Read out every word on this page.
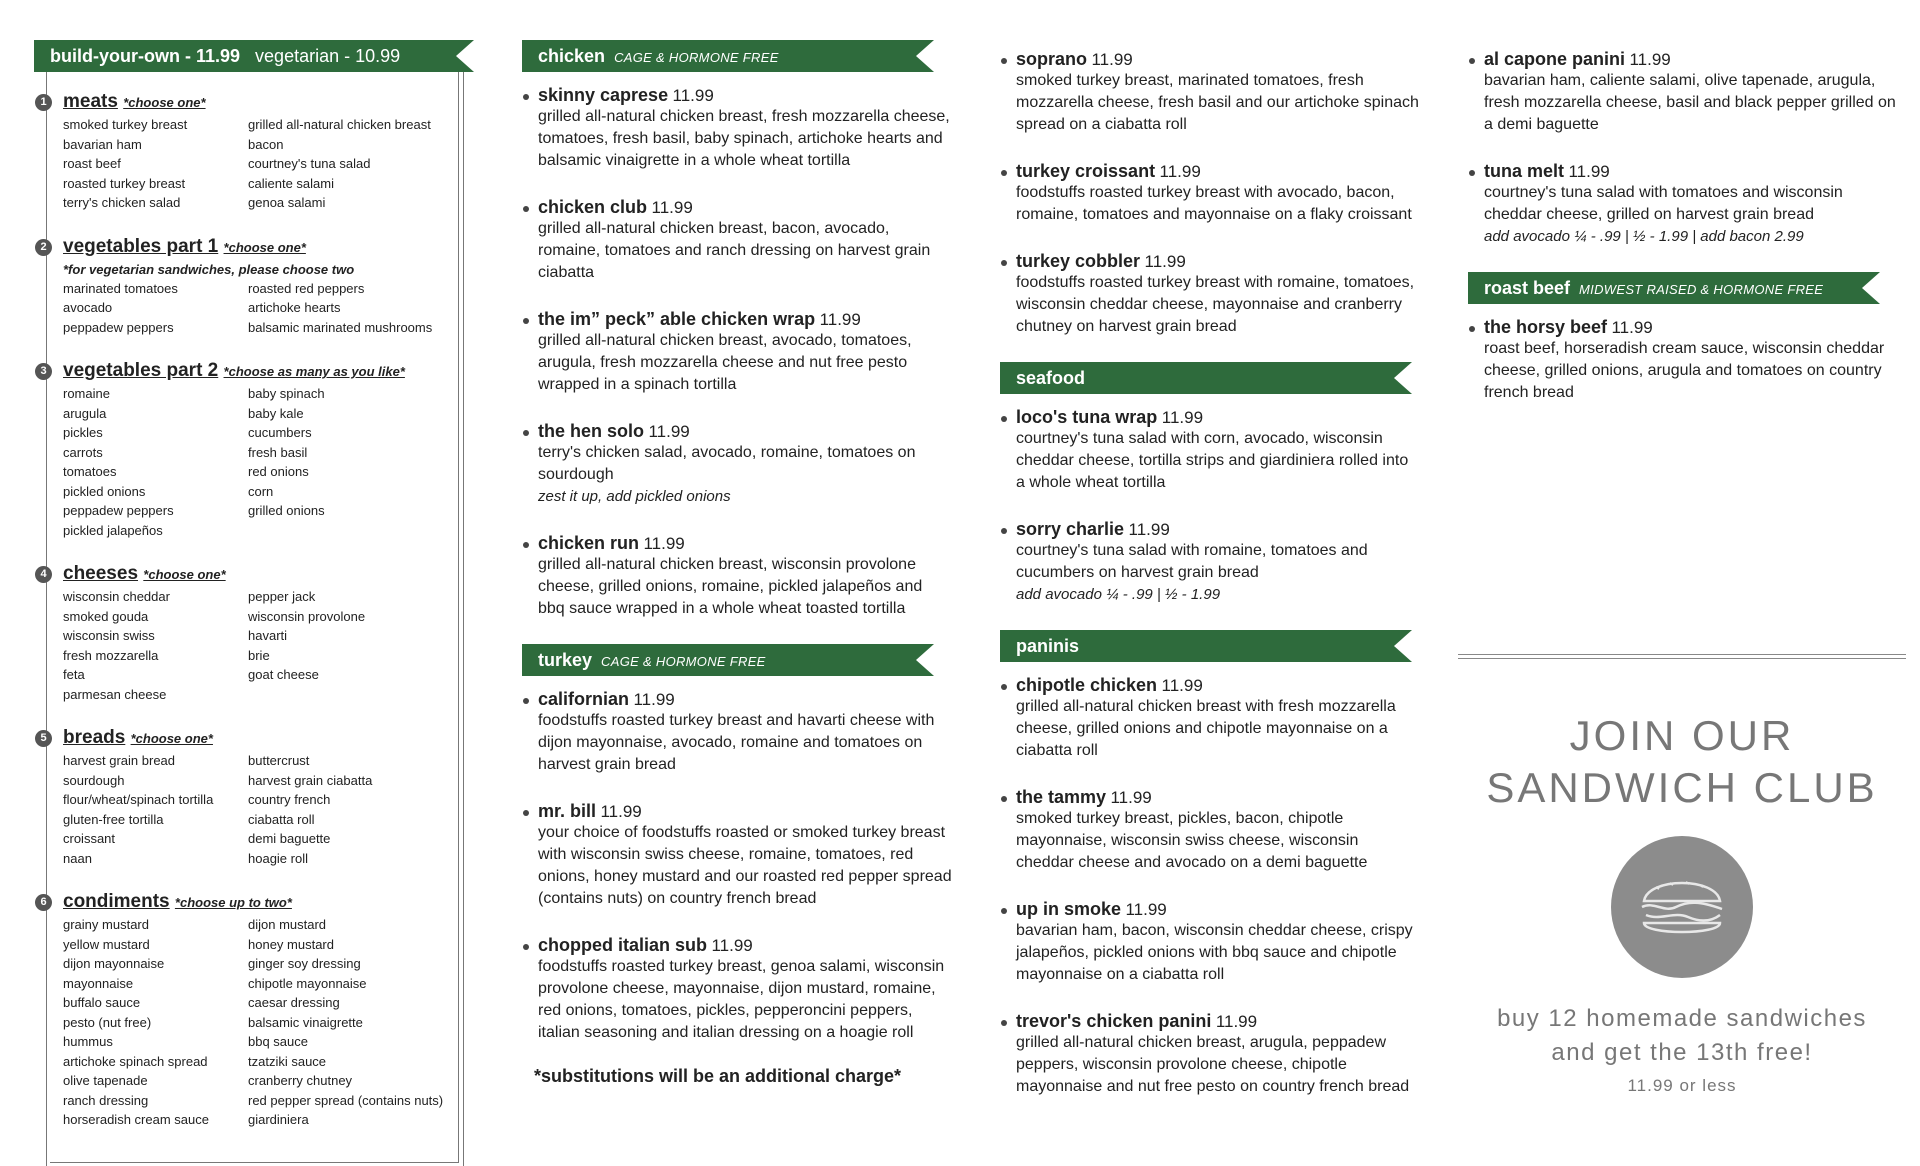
build-your-own - 11.99 vegetarian - 10.99
1 meats *choose one*
smoked turkey breast	grilled all-natural chicken breast
bavarian ham	bacon
roast beef	courtney's tuna salad
roasted turkey breast	caliente salami
terry's chicken salad	genoa salami
2 vegetables part 1 *choose one*
*for vegetarian sandwiches, please choose two
marinated tomatoes	roasted red peppers
avocado	artichoke hearts
peppadew peppers	balsamic marinated mushrooms
3 vegetables part 2 *choose as many as you like*
romaine	baby spinach
arugula	baby kale
pickles	cucumbers
carrots	fresh basil
tomatoes	red onions
pickled onions	corn
peppadew peppers	grilled onions
pickled jalapeños
4 cheeses *choose one*
wisconsin cheddar	pepper jack
smoked gouda	wisconsin provolone
wisconsin swiss	havarti
fresh mozzarella	brie
feta	goat cheese
parmesan cheese
5 breads *choose one*
harvest grain bread	buttercrust
sourdough	harvest grain ciabatta
flour/wheat/spinach tortilla	country french
gluten-free tortilla	ciabatta roll
croissant	demi baguette
naan	hoagie roll
6 condiments *choose up to two*
grainy mustard	dijon mustard
yellow mustard	honey mustard
dijon mayonnaise	ginger soy dressing
mayonnaise	chipotle mayonnaise
buffalo sauce	caesar dressing
pesto (nut free)	balsamic vinaigrette
hummus	bbq sauce
artichoke spinach spread	tzatziki sauce
olive tapenade	cranberry chutney
ranch dressing	red pepper spread (contains nuts)
horseradish cream sauce	giardiniera
chicken CAGE & HORMONE FREE
skinny caprese 11.99
grilled all-natural chicken breast, fresh mozzarella cheese, tomatoes, fresh basil, baby spinach, artichoke hearts and balsamic vinaigrette in a whole wheat tortilla
chicken club 11.99
grilled all-natural chicken breast, bacon, avocado, romaine, tomatoes and ranch dressing on harvest grain ciabatta
the im” peck” able chicken wrap 11.99
grilled all-natural chicken breast, avocado, tomatoes, arugula, fresh mozzarella cheese and nut free pesto wrapped in a spinach tortilla
the hen solo 11.99
terry's chicken salad, avocado, romaine, tomatoes on sourdough
zest it up, add pickled onions
chicken run 11.99
grilled all-natural chicken breast, wisconsin provolone cheese, grilled onions, romaine, pickled jalapeños and bbq sauce wrapped in a whole wheat toasted tortilla
turkey CAGE & HORMONE FREE
californian 11.99
foodstuffs roasted turkey breast and havarti cheese with dijon mayonnaise, avocado, romaine and tomatoes on harvest grain bread
mr. bill 11.99
your choice of foodstuffs roasted or smoked turkey breast with wisconsin swiss cheese, romaine, tomatoes, red onions, honey mustard and our roasted red pepper spread (contains nuts) on country french bread
chopped italian sub 11.99
foodstuffs roasted turkey breast, genoa salami, wisconsin provolone cheese, mayonnaise, dijon mustard, romaine, red onions, tomatoes, pickles, pepperoncini peppers, italian seasoning and italian dressing on a hoagie roll
*substitutions will be an additional charge*
soprano 11.99
smoked turkey breast, marinated tomatoes, fresh mozzarella cheese, fresh basil and our artichoke spinach spread on a ciabatta roll
turkey croissant 11.99
foodstuffs roasted turkey breast with avocado, bacon, romaine, tomatoes and mayonnaise on a flaky croissant
turkey cobbler 11.99
foodstuffs roasted turkey breast with romaine, tomatoes, wisconsin cheddar cheese, mayonnaise and cranberry chutney on harvest grain bread
seafood
loco's tuna wrap 11.99
courtney's tuna salad with corn, avocado, wisconsin cheddar cheese, tortilla strips and giardiniera rolled into a whole wheat tortilla
sorry charlie 11.99
courtney's tuna salad with romaine, tomatoes and cucumbers on harvest grain bread
add avocado ¼ - .99 | ½ - 1.99
paninis
chipotle chicken 11.99
grilled all-natural chicken breast with fresh mozzarella cheese, grilled onions and chipotle mayonnaise on a ciabatta roll
the tammy 11.99
smoked turkey breast, pickles, bacon, chipotle mayonnaise, wisconsin swiss cheese, wisconsin cheddar cheese and avocado on a demi baguette
up in smoke 11.99
bavarian ham, bacon, wisconsin cheddar cheese, crispy jalapeños, pickled onions with bbq sauce and chipotle mayonnaise on a ciabatta roll
trevor's chicken panini 11.99
grilled all-natural chicken breast, arugula, peppadew peppers, wisconsin provolone cheese, chipotle mayonnaise and nut free pesto on country french bread
al capone panini 11.99
bavarian ham, caliente salami, olive tapenade, arugula, fresh mozzarella cheese, basil and black pepper grilled on a demi baguette
tuna melt 11.99
courtney's tuna salad with tomatoes and wisconsin cheddar cheese, grilled on harvest grain bread
add avocado ¼ - .99 | ½ - 1.99 | add bacon 2.99
roast beef MIDWEST RAISED & HORMONE FREE
the horsy beef 11.99
roast beef, horseradish cream sauce, wisconsin cheddar cheese, grilled onions, arugula and tomatoes on country french bread
JOIN OUR
SANDWICH CLUB
buy 12 homemade sandwiches
and get the 13th free!
11.99 or less
